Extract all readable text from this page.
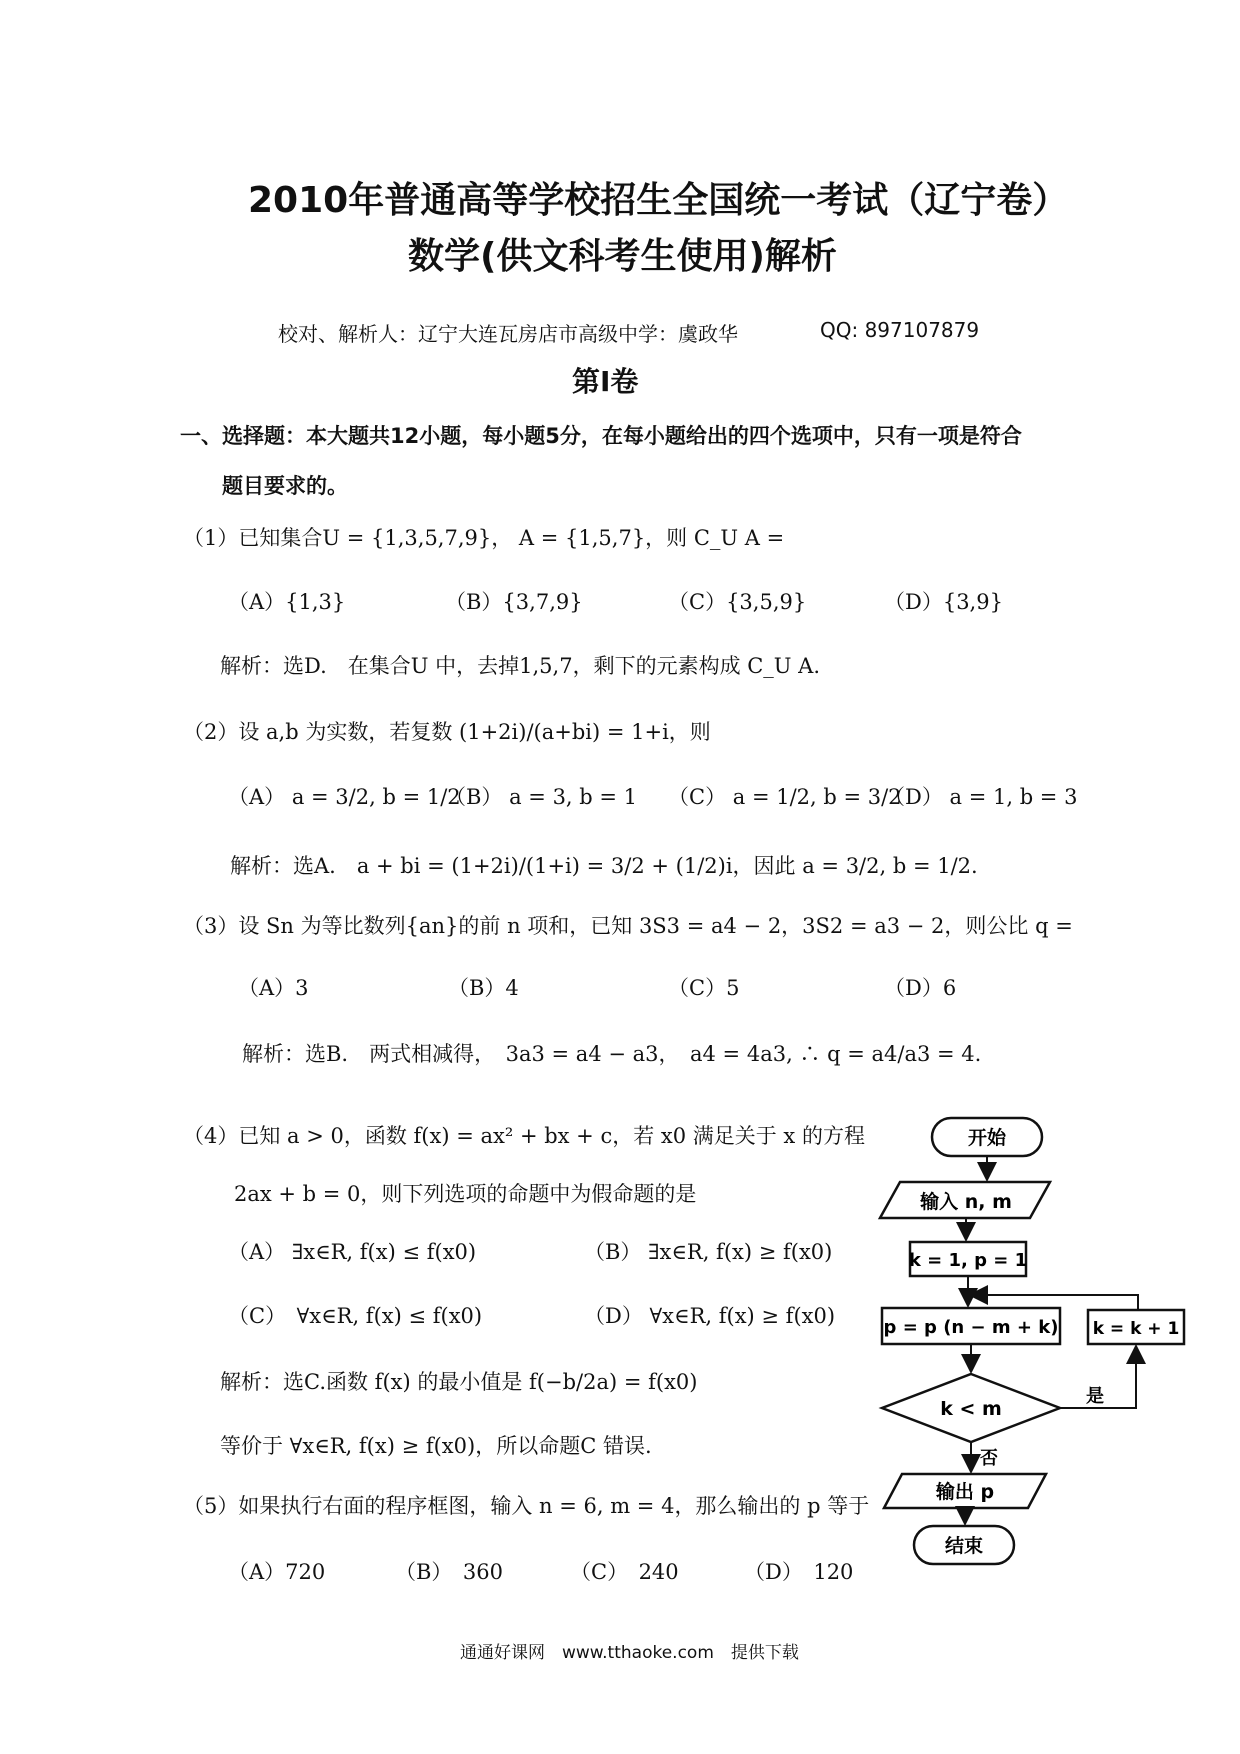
2010年普通高等学校招生全国统一考试（辽宁卷）
数学(供文科考生使用)解析
校对、解析人：辽宁大连瓦房店市高级中学：虞政华	QQ: 897107879
第Ⅰ卷
一、选择题：本大题共12小题，每小题5分，在每小题给出的四个选项中，只有一项是符合
题目要求的。
（1）已知集合U = {1,3,5,7,9}， A = {1,5,7}，则 C_U A =
（A）{1,3}	（B）{3,7,9}	（C）{3,5,9}	（D）{3,9}
解析：选D.　在集合U 中，去掉1,5,7，剩下的元素构成 C_U A.
（2）设 a,b 为实数，若复数 (1+2i)/(a+bi) = 1+i，则
（A） a = 3/2, b = 1/2
（B） a = 3, b = 1 （C） a = 1/2, b = 3/2
（D） a = 1, b = 3
解析：选A.　a + bi = (1+2i)/(1+i) = 3/2 + (1/2)i，因此 a = 3/2, b = 1/2.
（3）设 Sn 为等比数列{an}的前 n 项和，已知 3S3 = a4 − 2，3S2 = a3 − 2，则公比 q =
（A）3	（B）4	（C）5	（D）6
解析：选B.　两式相减得，　3a3 = a4 − a3，　a4 = 4a3, ∴ q = a4/a3 = 4.
（4）已知 a > 0，函数 f(x) = ax² + bx + c，若 x0 满足关于 x 的方程
2ax + b = 0，则下列选项的命题中为假命题的是
（A） ∃x∈R, f(x) ≤ f(x0)	（B） ∃x∈R, f(x) ≥ f(x0)
（C）　∀x∈R, f(x) ≤ f(x0)	（D） ∀x∈R, f(x) ≥ f(x0)
解析：选C.函数 f(x) 的最小值是 f(−b/2a) = f(x0)
等价于 ∀x∈R, f(x) ≥ f(x0)，所以命题C 错误.
（5）如果执行右面的程序框图，输入 n = 6, m = 4，那么输出的 p 等于
（A）720	（B）　360	（C）　240	（D）　120
开始
输入 n, m
k = 1, p = 1
p = p (n − m + k) k = k + 1
k < m
是
否
输出 p
结束
通通好课网　www.tthaoke.com　提供下载
